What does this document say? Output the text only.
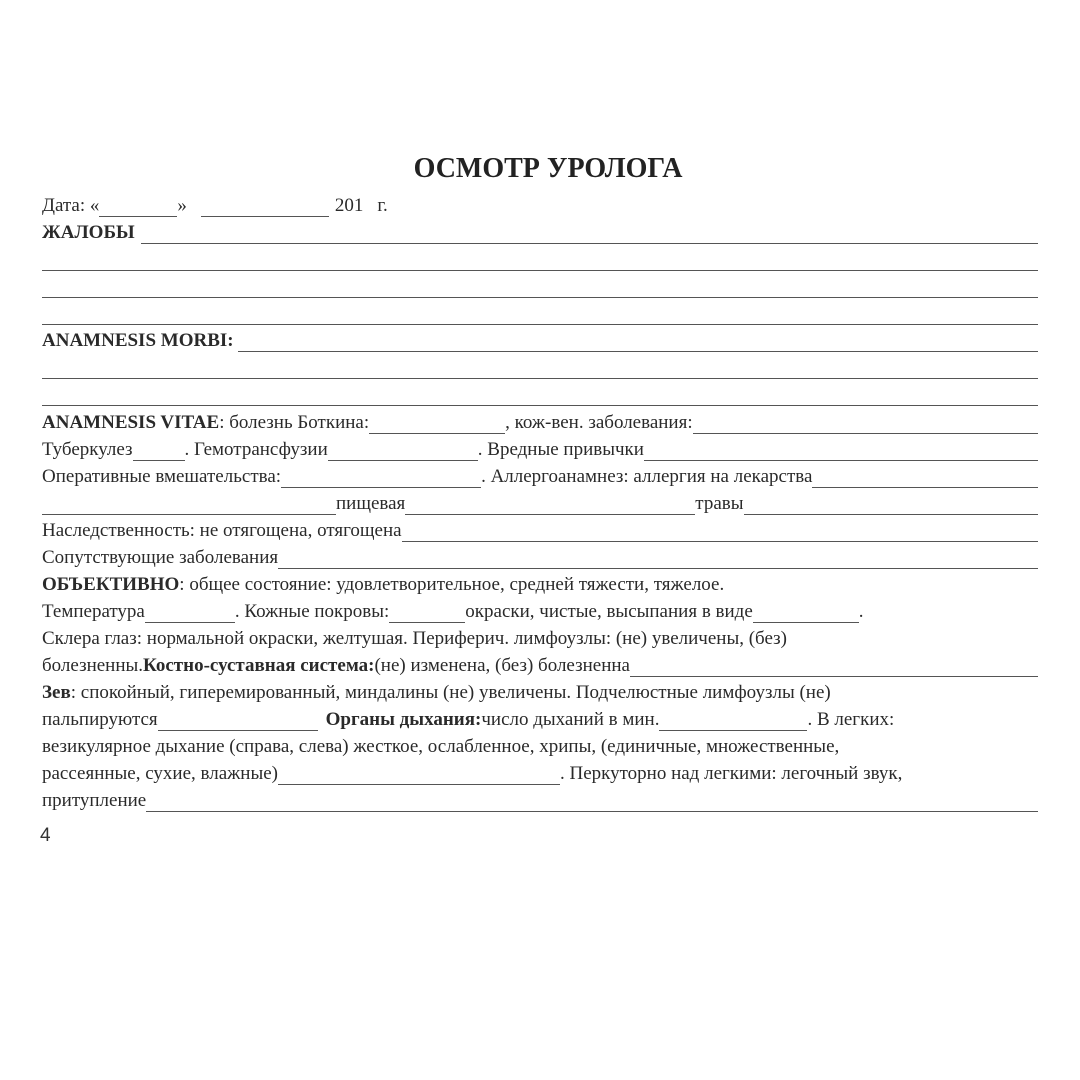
ОСМОТР УРОЛОГА
Дата: «	»	201 г.
ЖАЛОБЫ
ANAMNESIS MORBI:
ANAMNESIS VITAE : болезнь Боткина:	, кож-вен. заболевания:
Туберкулез	. Гемотрансфузии	. Вредные привычки
Оперативные вмешательства:	. Аллергоанамнез: аллергия на лекарства
пищевая	травы
Наследственность: не отягощена, отягощена
Сопутствующие заболевания
ОБЪЕКТИВНО : общее состояние: удовлетворительное, средней тяжести, тяжелое.
Температура	. Кожные покровы:	окраски, чистые, высыпания в виде	.
Склера глаз: нормальной окраски, желтушая. Периферич. лимфоузлы: (не) увеличены, (без)
болезненны. Костно-суставная система: (не) изменена, (без) болезненна
Зев : спокойный, гиперемированный, миндалины (не) увеличены. Подчелюстные лимфоузлы (не)
пальпируются	Органы дыхания: число дыханий в мин.	. В легких:
везикулярное дыхание (справа, слева) жесткое, ослабленное, хрипы, (единичные, множественные,
рассеянные, сухие, влажные)	. Перкуторно над легкими: легочный звук,
притупление
4
